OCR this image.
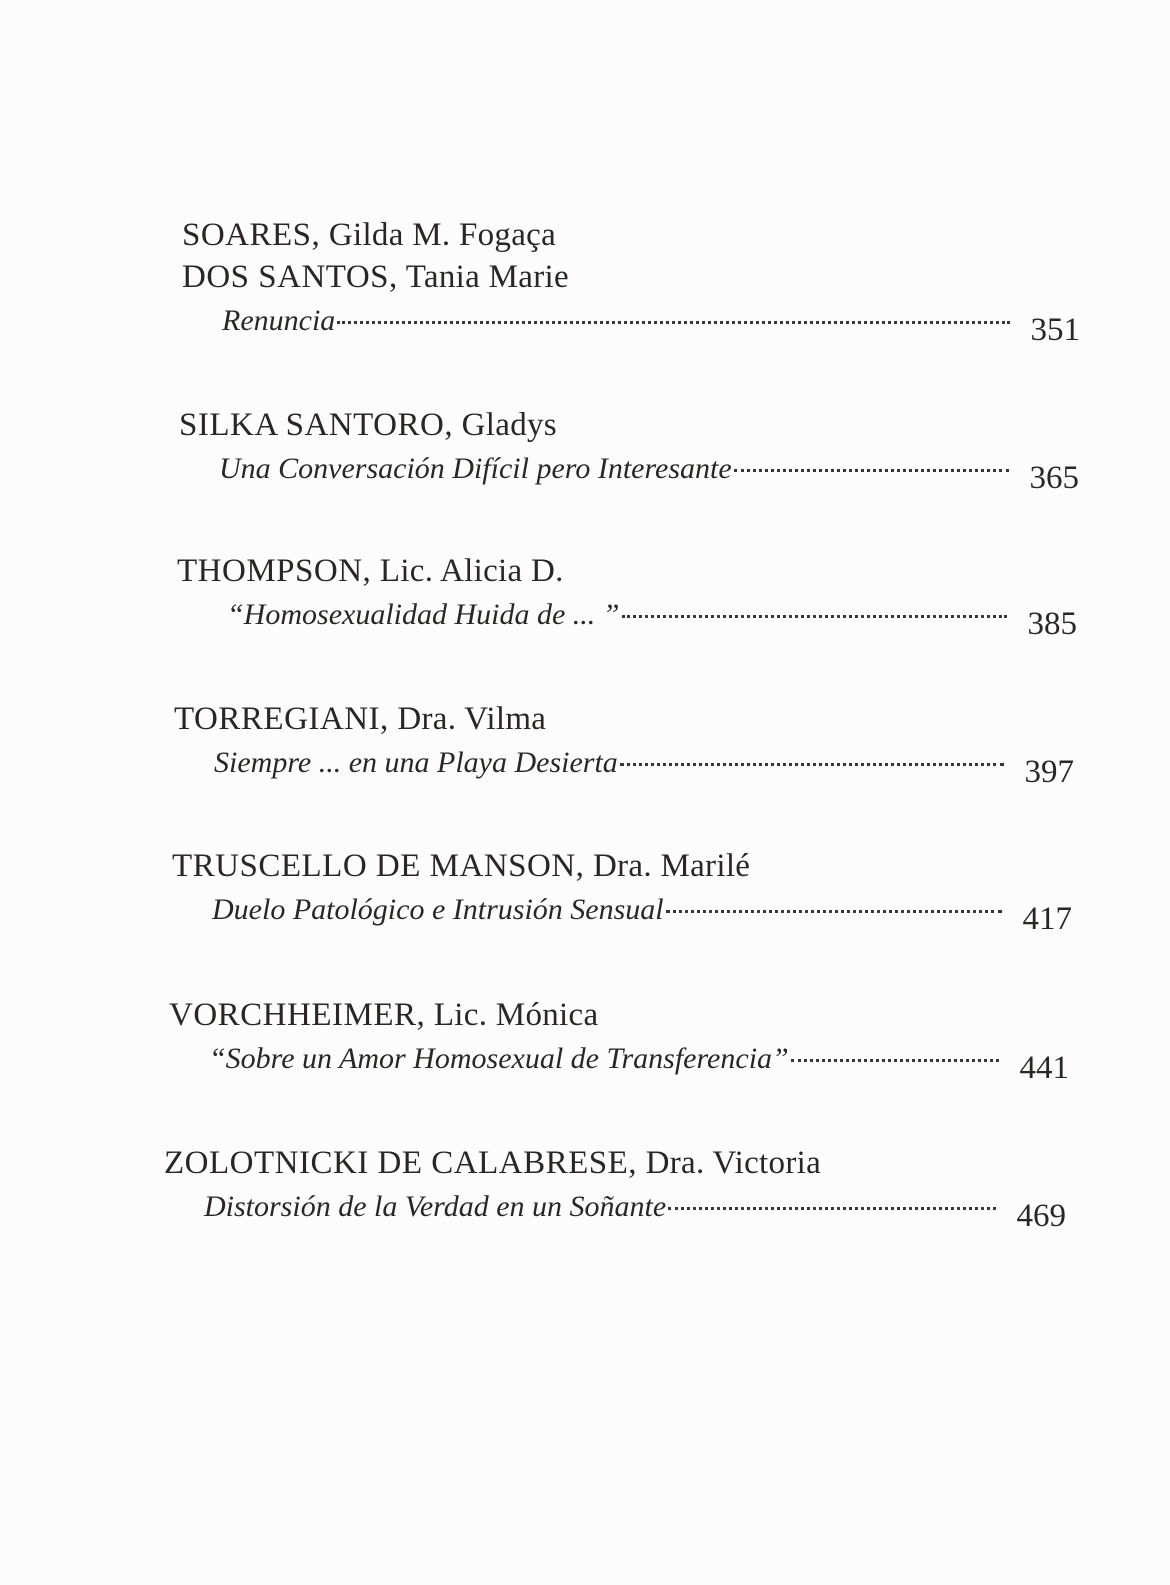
SOARES, Gilda M. Fogaça
DOS SANTOS, Tania Marie
Renuncia	351
SILKA SANTORO, Gladys
Una Conversación Difícil pero Interesante	365
THOMPSON, Lic. Alicia D.
“Homosexualidad Huida de ... ”	385
TORREGIANI, Dra. Vilma
Siempre ... en una Playa Desierta	397
TRUSCELLO DE MANSON, Dra. Marilé
Duelo Patológico e Intrusión Sensual	417
VORCHHEIMER, Lic. Mónica
“Sobre un Amor Homosexual de Transferencia”	441
ZOLOTNICKI DE CALABRESE, Dra. Victoria
Distorsión de la Verdad en un Soñante	469
